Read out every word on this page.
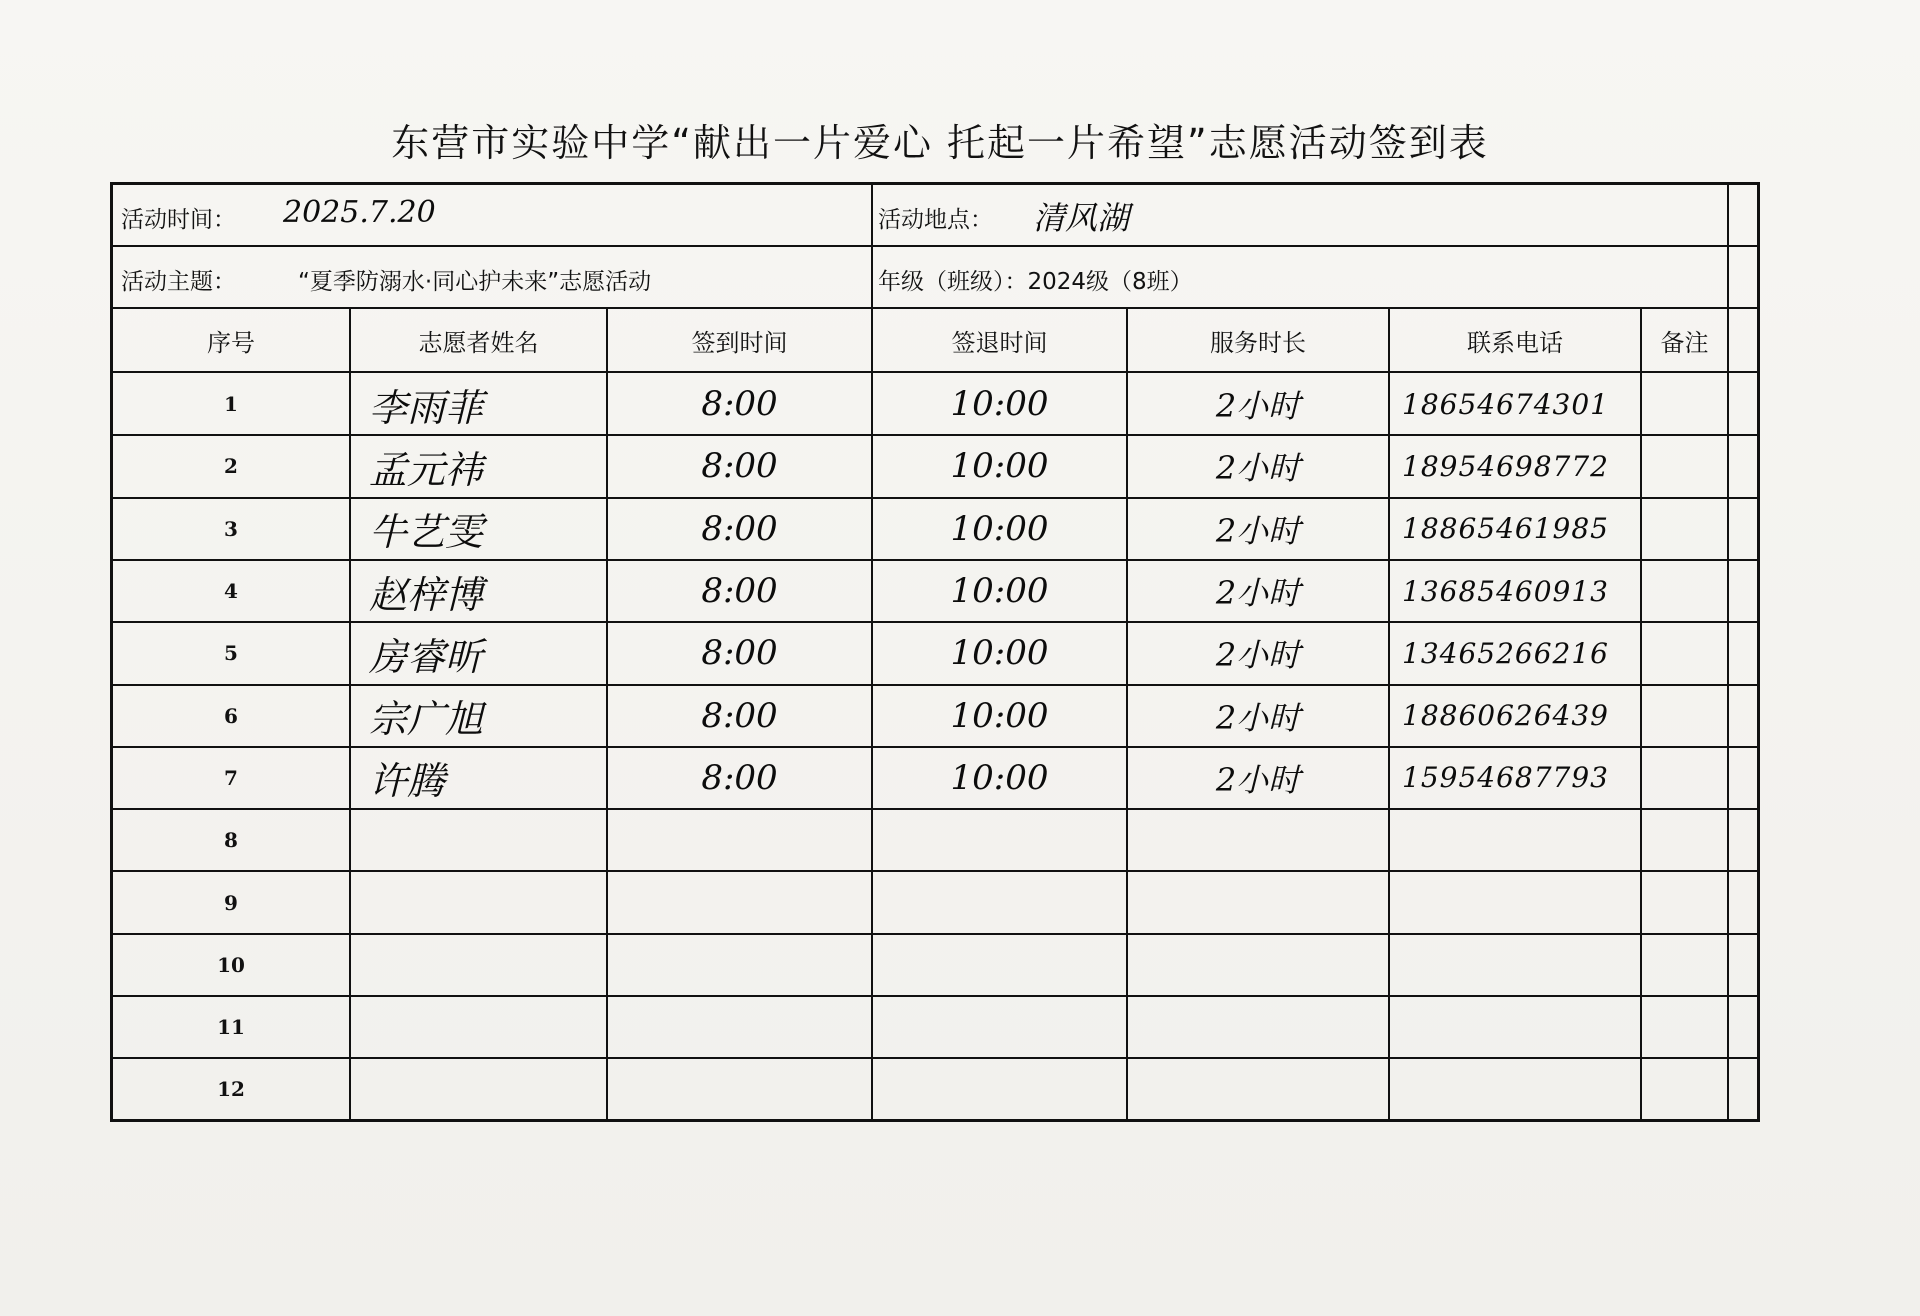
东营市实验中学“献出一片爱心 托起一片希望”志愿活动签到表
活动时间： 2025.7.20	活动地点： 清风湖
活动主题：	“夏季防溺水·同心护未来”志愿活动	年级（班级）：2024级（8班）
序号	志愿者姓名	签到时间	签退时间	服务时长	联系电话	备注
1	李雨菲	8:00	10:00	2小时	18654674301
2	孟元祎	8:00	10:00	2小时	18954698772
3	牛艺雯	8:00	10:00	2小时	18865461985
4	赵梓博	8:00	10:00	2小时	13685460913
5	房睿昕	8:00	10:00	2小时	13465266216
6	宗广旭	8:00	10:00	2小时	18860626439
7	许腾	8:00	10:00	2小时	15954687793
8
9
10
11
12
